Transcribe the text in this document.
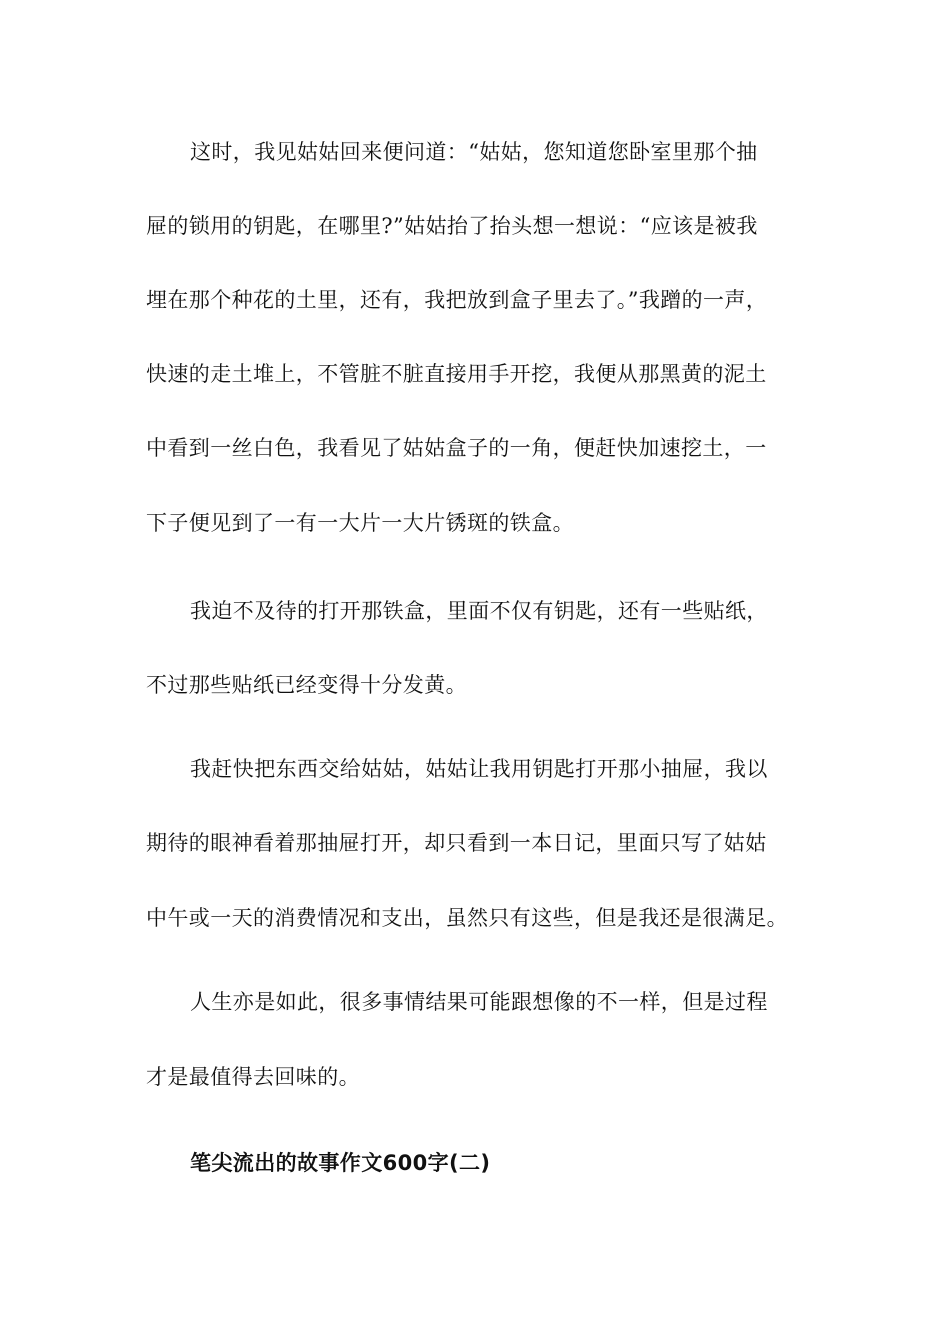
这时，我见姑姑回来便问道：“姑姑，您知道您卧室里那个抽
屉的锁用的钥匙，在哪里?”姑姑抬了抬头想一想说：“应该是被我
埋在那个种花的土里，还有，我把放到盒子里去了。”我蹭的一声，
快速的走土堆上，不管脏不脏直接用手开挖，我便从那黑黄的泥土
中看到一丝白色，我看见了姑姑盒子的一角，便赶快加速挖土，一
下子便见到了一有一大片一大片锈斑的铁盒。
我迫不及待的打开那铁盒，里面不仅有钥匙，还有一些贴纸，
不过那些贴纸已经变得十分发黄。
我赶快把东西交给姑姑，姑姑让我用钥匙打开那小抽屉，我以
期待的眼神看着那抽屉打开，却只看到一本日记，里面只写了姑姑
中午或一天的消费情况和支出，虽然只有这些，但是我还是很满足。
人生亦是如此，很多事情结果可能跟想像的不一样，但是过程
才是最值得去回味的。
笔尖流出的故事作文600字(二)
